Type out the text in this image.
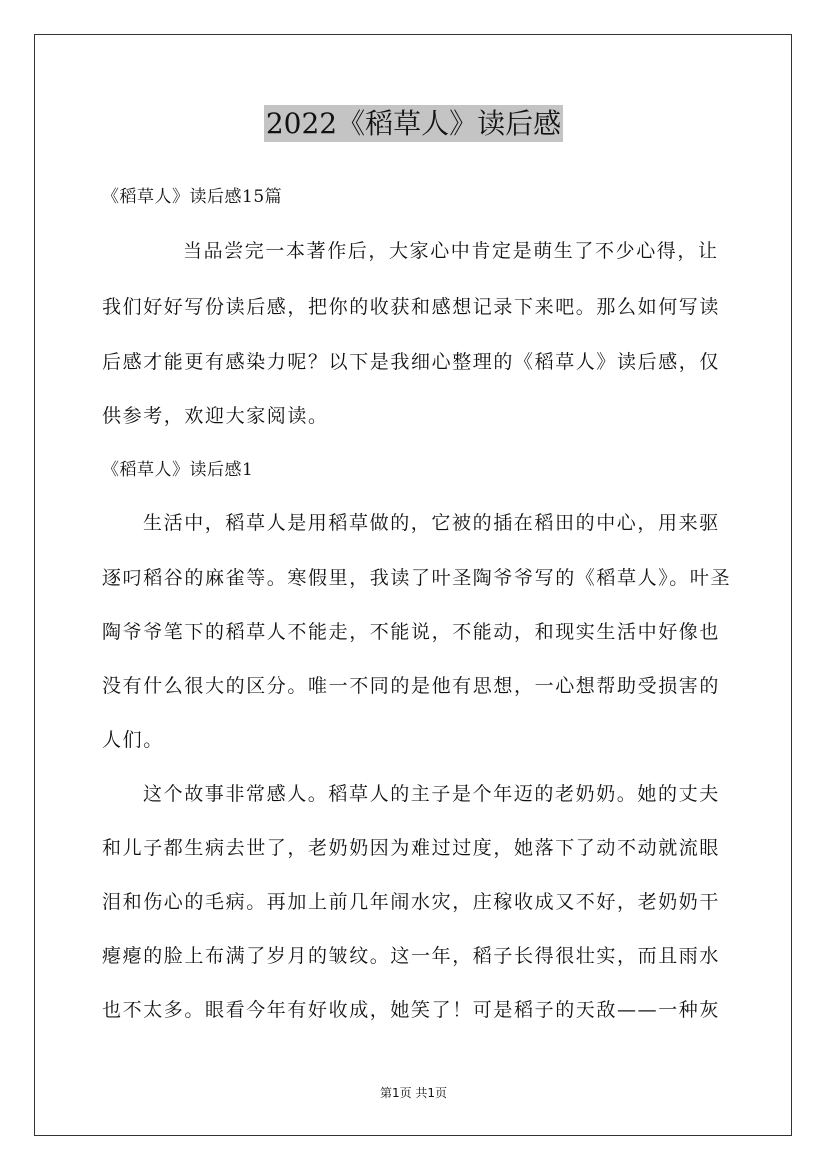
2022《稻草人》读后感
《稻草人》读后感15篇
当品尝完一本著作后，大家心中肯定是萌生了不少心得，让
我们好好写份读后感，把你的收获和感想记录下来吧。那么如何写读
后感才能更有感染力呢？以下是我细心整理的《稻草人》读后感，仅
供参考，欢迎大家阅读。
《稻草人》读后感1
生活中，稻草人是用稻草做的，它被的插在稻田的中心，用来驱
逐叼稻谷的麻雀等。寒假里，我读了叶圣陶爷爷写的《稻草人》。叶圣
陶爷爷笔下的稻草人不能走，不能说，不能动，和现实生活中好像也
没有什么很大的区分。唯一不同的是他有思想，一心想帮助受损害的
人们。
这个故事非常感人。稻草人的主子是个年迈的老奶奶。她的丈夫
和儿子都生病去世了，老奶奶因为难过过度，她落下了动不动就流眼
泪和伤心的毛病。再加上前几年闹水灾，庄稼收成又不好，老奶奶干
瘪瘪的脸上布满了岁月的皱纹。这一年，稻子长得很壮实，而且雨水
也不太多。眼看今年有好收成，她笑了！可是稻子的天敌——一种灰
第1页 共1页
